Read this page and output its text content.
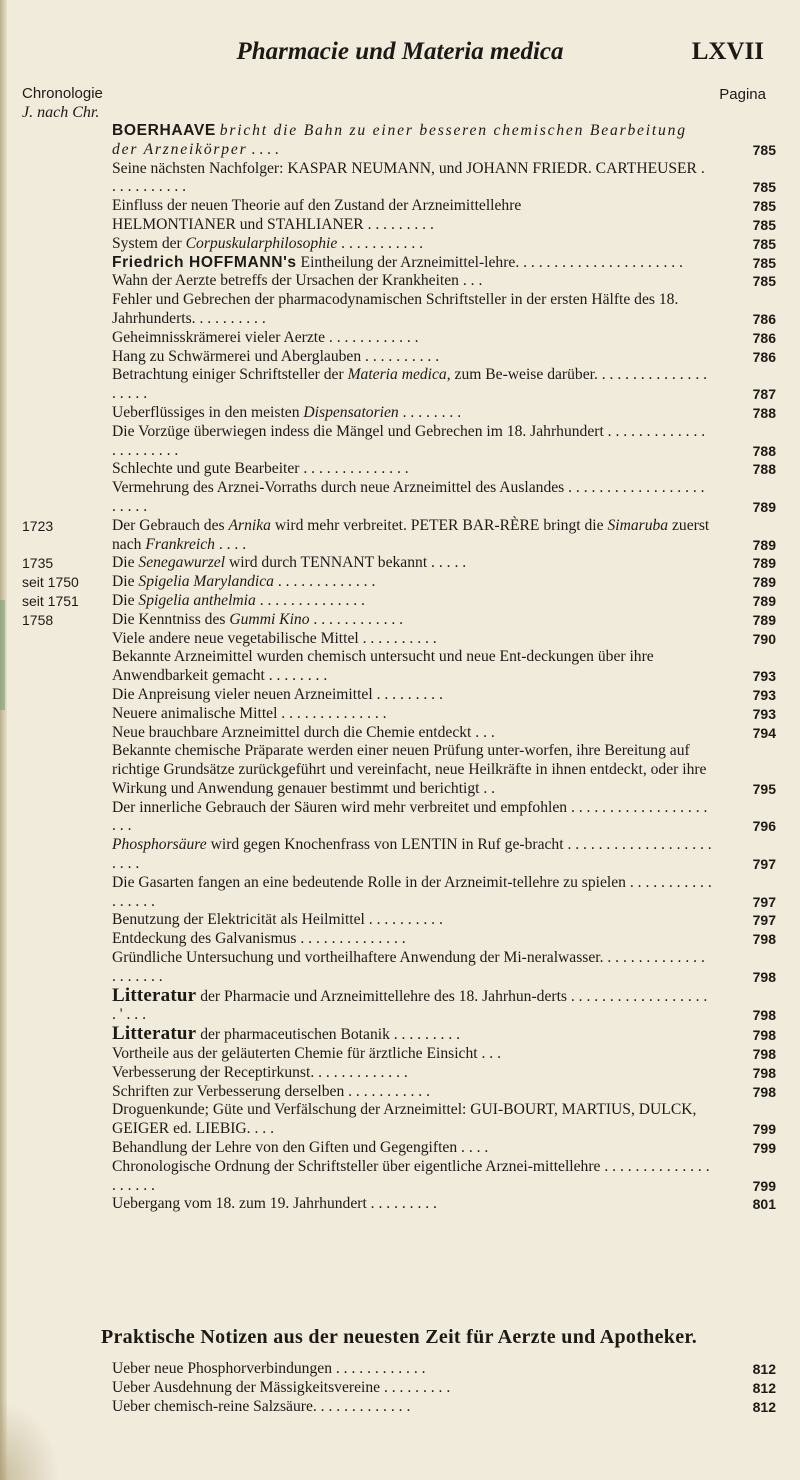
Pharmacie und Materia medica	LXVII
Chronologie
J. nach Chr.
Pagina
BOERHAAVE bricht die Bahn zu einer besseren chemischen Bearbeitung der Arzneikörper . . . .	785
Seine nächsten Nachfolger: KASPAR NEUMANN, und JOHANN FRIEDR. CARTHEUSER . . . . . . . . . . .	785
Einfluss der neuen Theorie auf den Zustand der Arzneimittellehre	785
HELMONTIANER und STAHLIANER . . . . . . . . .	785
System der Corpuskularphilosophie . . . . . . . . . . .	785
Friedrich HOFFMANN's Eintheilung der Arzneimittel-lehre. . . . . . . . . . . . . . . . . . . . . .	785
Wahn der Aerzte betreffs der Ursachen der Krankheiten . . .	785
Fehler und Gebrechen der pharmacodynamischen Schriftsteller in der ersten Hälfte des 18. Jahrhunderts. . . . . . . . . .	786
Geheimnisskrämerei vieler Aerzte . . . . . . . . . . . .	786
Hang zu Schwärmerei und Aberglauben . . . . . . . . . .	786
Betrachtung einiger Schriftsteller der Materia medica, zum Be-weise darüber. . . . . . . . . . . . . . . . . . . .	787
Ueberflüssiges in den meisten Dispensatorien . . . . . . . .	788
Die Vorzüge überwiegen indess die Mängel und Gebrechen im 18. Jahrhundert . . . . . . . . . . . . . . . . . . . . . .	788
Schlechte und gute Bearbeiter . . . . . . . . . . . . . .	788
Vermehrung des Arznei-Vorraths durch neue Arzneimittel des Auslandes . . . . . . . . . . . . . . . . . . . . . . .	789
1723	Der Gebrauch des Arnika wird mehr verbreitet. PETER BAR-RÈRE bringt die Simaruba zuerst nach Frankreich . . . .	789
1735	Die Senegawurzel wird durch TENNANT bekannt . . . . .	789
seit 1750	Die Spigelia Marylandica . . . . . . . . . . . . .	789
seit 1751	Die Spigelia anthelmia . . . . . . . . . . . . . .	789
1758	Die Kenntniss des Gummi Kino . . . . . . . . . . . .	789
Viele andere neue vegetabilische Mittel . . . . . . . . . .	790
Bekannte Arzneimittel wurden chemisch untersucht und neue Ent-deckungen über ihre Anwendbarkeit gemacht . . . . . . . .	793
Die Anpreisung vieler neuen Arzneimittel . . . . . . . . .	793
Neuere animalische Mittel . . . . . . . . . . . . . .	793
Neue brauchbare Arzneimittel durch die Chemie entdeckt . . .	794
Bekannte chemische Präparate werden einer neuen Prüfung unter-worfen, ihre Bereitung auf richtige Grundsätze zurückgeführt und vereinfacht, neue Heilkräfte in ihnen entdeckt, oder ihre Wirkung und Anwendung genauer bestimmt und berichtigt . .	795
Der innerliche Gebrauch der Säuren wird mehr verbreitet und empfohlen . . . . . . . . . . . . . . . . . . . . .	796
Phosphorsäure wird gegen Knochenfrass von LENTIN in Ruf ge-bracht . . . . . . . . . . . . . . . . . . . . . . .	797
Die Gasarten fangen an eine bedeutende Rolle in der Arzneimit-tellehre zu spielen . . . . . . . . . . . . . . . . .	797
Benutzung der Elektricität als Heilmittel . . . . . . . . . .	797
Entdeckung des Galvanismus . . . . . . . . . . . . . .	798
Gründliche Untersuchung und vortheilhaftere Anwendung der Mi-neralwasser. . . . . . . . . . . . . . . . . . . . .	798
Litteratur der Pharmacie und Arzneimittellehre des 18. Jahrhun-derts . . . . . . . . . . . . . . . . . . . ' . . .	798
Litteratur der pharmaceutischen Botanik . . . . . . . . .	798
Vortheile aus der geläuterten Chemie für ärztliche Einsicht . . .	798
Verbesserung der Receptirkunst. . . . . . . . . . . . .	798
Schriften zur Verbesserung derselben . . . . . . . . . . .	798
Droguenkunde; Güte und Verfälschung der Arzneimittel: GUI-BOURT, MARTIUS, DULCK, GEIGER ed. LIEBIG. . . .	799
Behandlung der Lehre von den Giften und Gegengiften . . . .	799
Chronologische Ordnung der Schriftsteller über eigentliche Arznei-mittellehre . . . . . . . . . . . . . . . . . . . .	799
Uebergang vom 18. zum 19. Jahrhundert . . . . . . . . .	801
Praktische Notizen aus der neuesten Zeit für Aerzte und Apotheker.
Ueber neue Phosphorverbindungen . . . . . . . . . . . .	812
Ueber Ausdehnung der Mässigkeitsvereine . . . . . . . . .	812
Ueber chemisch-reine Salzsäure. . . . . . . . . . . . .	812
